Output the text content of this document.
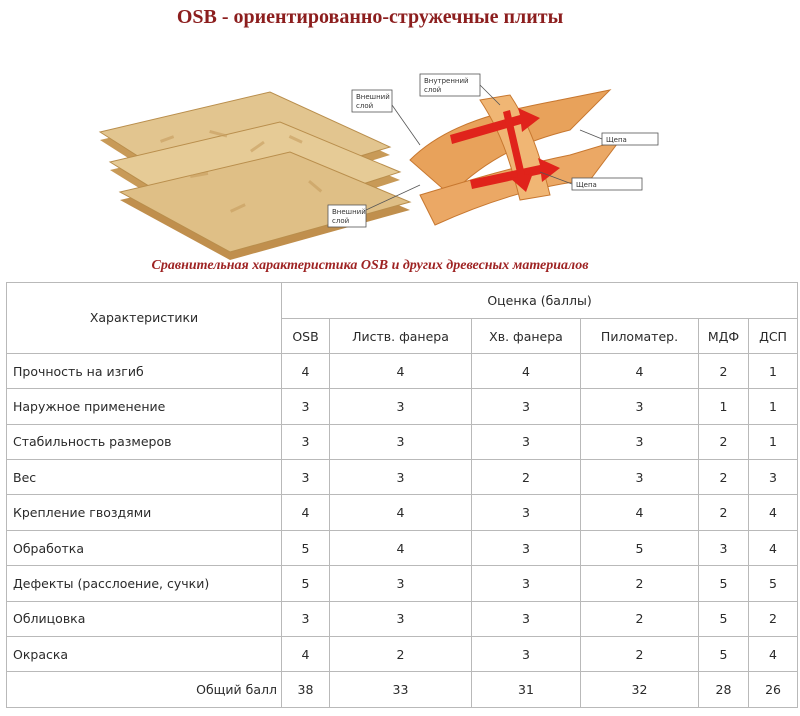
OSB - ориентированно-стружечные плиты
Внешний слой
Внутренний слой
Щепа
Щепа
Внешний слой
Сравнительная характеристика OSB и других древесных материалов
Характеристики	Оценка (баллы)					
	OSB	Листв. фанера	Хв. фанера	Пиломатер.	МДФ	ДСП
Прочность на изгиб	4	4	4	4	2	1
Наружное применение	3	3	3	3	1	1
Стабильность размеров	3	3	3	3	2	1
Вес	3	3	2	3	2	3
Крепление гвоздями	4	4	3	4	2	4
Обработка	5	4	3	5	3	4
Дефекты (расслоение, сучки)	5	3	3	2	5	5
Облицовка	3	3	3	2	5	2
Окраска	4	2	3	2	5	4
Общий балл	38	33	31	32	28	26
